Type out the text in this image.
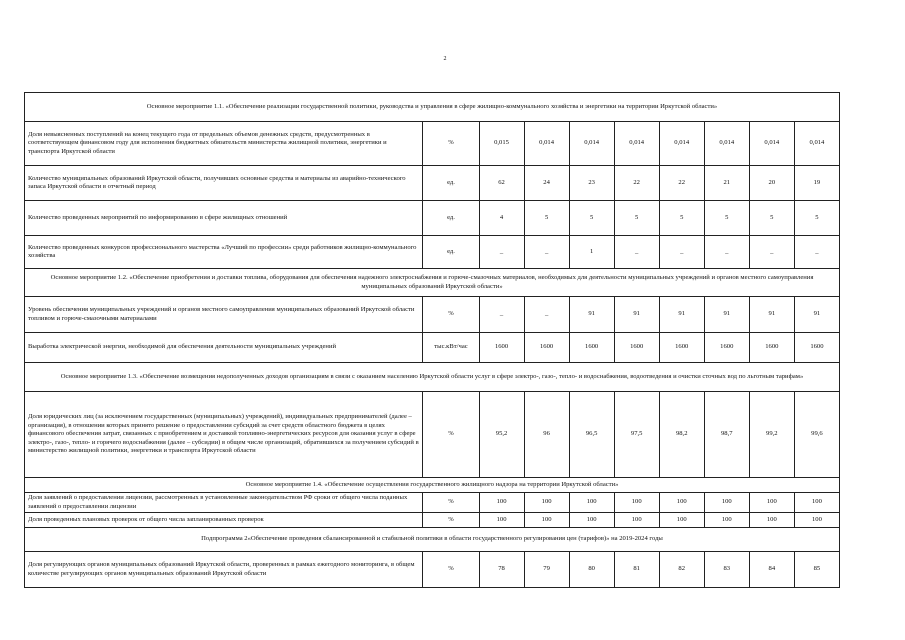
2
Основное мероприятие 1.1. «Обеспечение реализации государственной политики, руководства и управления в сфере жилищно-коммунального хозяйства и энергетики на территории Иркутской области»									
Доля невыясненных поступлений на конец текущего года от предельных объемов денежных средств, предусмотренных в соответствующем финансовом году для исполнения бюджетных обязательств министерства жилищной политики, энергетики и транспорта Иркутской области	%	0,015	0,014	0,014	0,014	0,014	0,014	0,014	0,014
Количество муниципальных образований Иркутской области, получивших основные средства и материалы из аварийно-технического запаса Иркутской области в отчетный период	ед.	62	24	23	22	22	21	20	19
Количество проведенных мероприятий по информированию в сфере жилищных отношений	ед.	4	5	5	5	5	5	5	5
Количество проведенных конкурсов профессионального мастерства «Лучший по профессии» среди работников жилищно-коммунального хозяйства	ед.	_	_	1	_	_	_	_	_
Основное мероприятие 1.2. «Обеспечение приобретения и доставки топлива, оборудования для обеспечения надежного электроснабжения и горюче-смазочных материалов, необходимых для деятельности муниципальных учреждений и органов местного самоуправления муниципальных образований Иркутской области»									
Уровень обеспечения муниципальных учреждений и органов местного самоуправления муниципальных образований Иркутской области топливом и горюче-смазочными материалами	%	_	_	91	91	91	91	91	91
Выработка электрической энергии, необходимой для обеспечения деятельности муниципальных учреждений	тыс.кВт/час	1600	1600	1600	1600	1600	1600	1600	1600
Основное мероприятие 1.3. «Обеспечение возмещения недополученных доходов организациям в связи с оказанием населению Иркутской области услуг в сфере электро-, газо-, тепло- и водоснабжения, водоотведения и очистки сточных вод по льготным тарифам»									
Доля юридических лиц (за исключением государственных (муниципальных) учреждений), индивидуальных предпринимателей (далее – организация), в отношении которых принято решение о предоставлении субсидий за счет средств областного бюджета в целях финансового обеспечения затрат, связанных с приобретением и доставкой топливно-энергетических ресурсов для оказания услуг в сфере электро-, газо-, тепло- и горячего водоснабжения (далее – субсидии) в общем числе организаций, обратившихся за получением субсидий в министерство жилищной политики, энергетики и транспорта Иркутской области	%	95,2	96	96,5	97,5	98,2	98,7	99,2	99,6
Основное мероприятие 1.4. «Обеспечение осуществления государственного жилищного надзора на территории Иркутской области»									
Доля заявлений о предоставлении лицензии, рассмотренных в установленные законодательством РФ сроки от общего числа поданных заявлений о предоставлении лицензии	%	100	100	100	100	100	100	100	100
Доля проведенных плановых проверок от общего числа запланированных проверок	%	100	100	100	100	100	100	100	100
Подпрограмма 2«Обеспечение проведения сбалансированной и стабильной политики в области государственного регулирования цен (тарифов)» на 2019-2024 годы									
Доля регулирующих органов муниципальных образований Иркутской области, проверенных в рамках ежегодного мониторинга, в общем количестве регулирующих органов муниципальных образований Иркутской области	%	78	79	80	81	82	83	84	85
